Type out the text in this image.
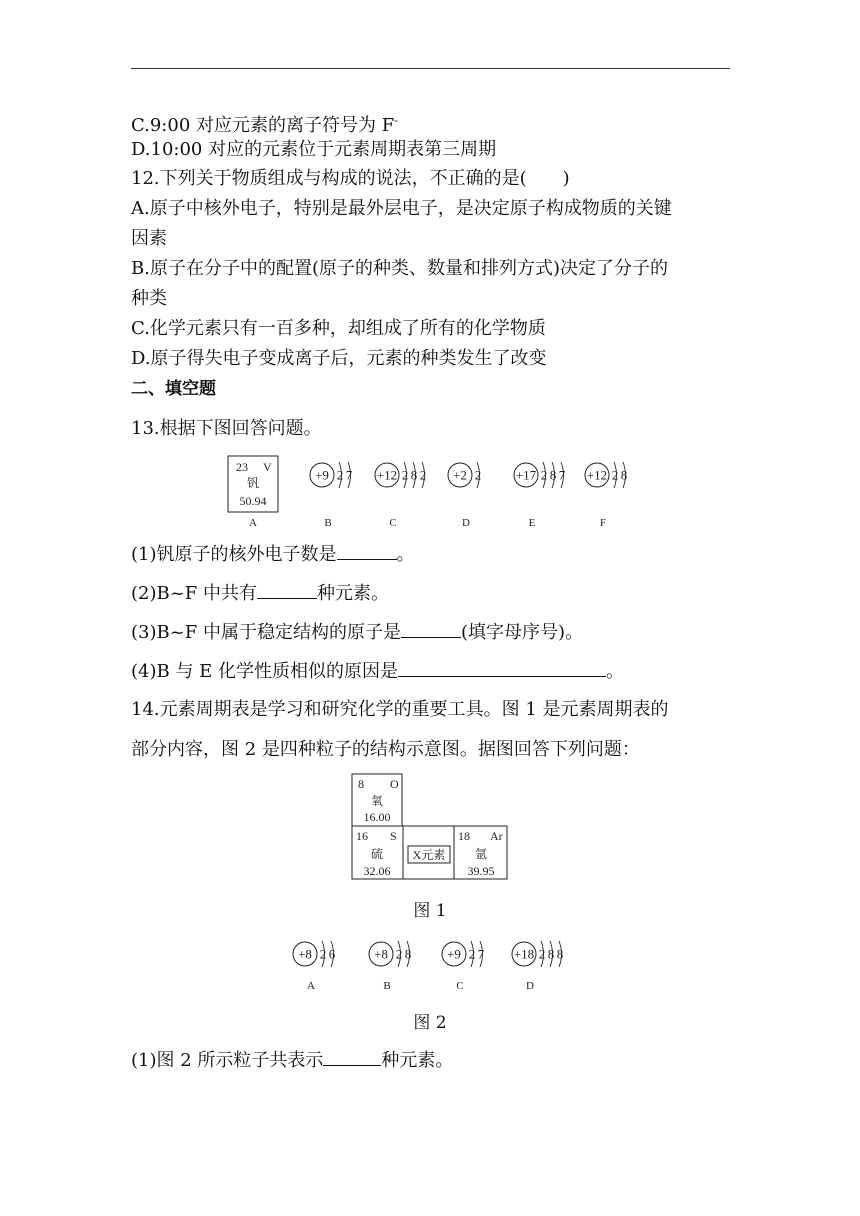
C.9:00 对应元素的离子符号为 F-
D.10:00 对应的元素位于元素周期表第三周期
12.下列关于物质组成与构成的说法，不正确的是(　　)
A.原子中核外电子，特别是最外层电子，是决定原子构成物质的关键
因素
B.原子在分子中的配置(原子的种类、数量和排列方式)决定了分子的
种类
C.化学元素只有一百多种，却组成了所有的化学物质
D.原子得失电子变成离子后，元素的种类发生了改变
二、填空题
13.根据下图回答问题。
23 V
钒
50.94
A
+9 2 7
B
+12 2 8 2
C
+2 2
D
+17 2 8 7
E
+12 2 8
F
(1)钒原子的核外电子数是	。
(2)B~F 中共有	种元素。
(3)B~F 中属于稳定结构的原子是	(填字母序号)。
(4)B 与 E 化学性质相似的原因是	。
14.元素周期表是学习和研究化学的重要工具。图 1 是元素周期表的
部分内容，图 2 是四种粒子的结构示意图。据图回答下列问题：
8 O
氧
16.00
16 S
硫
32.06
X元素
18 Ar
氩
39.95
图 1
+8 2 6
A
+8 2 8
B
+9 2 7
C
+18 2 8 8
D
图 2
(1)图 2 所示粒子共表示	种元素。
